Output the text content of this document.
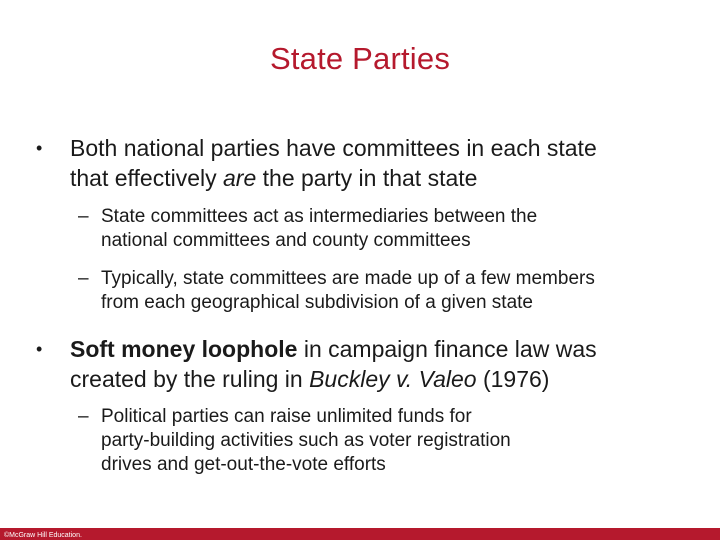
State Parties
• Both national parties have committees in each state
that effectively are the party in that state
– State committees act as intermediaries between the
national committees and county committees
– Typically, state committees are made up of a few members
from each geographical subdivision of a given state
• Soft money loophole in campaign finance law was
created by the ruling in Buckley v. Valeo (1976)
– Political parties can raise unlimited funds for
party-building activities such as voter registration
drives and get-out-the-vote efforts
©McGraw Hill Education.
